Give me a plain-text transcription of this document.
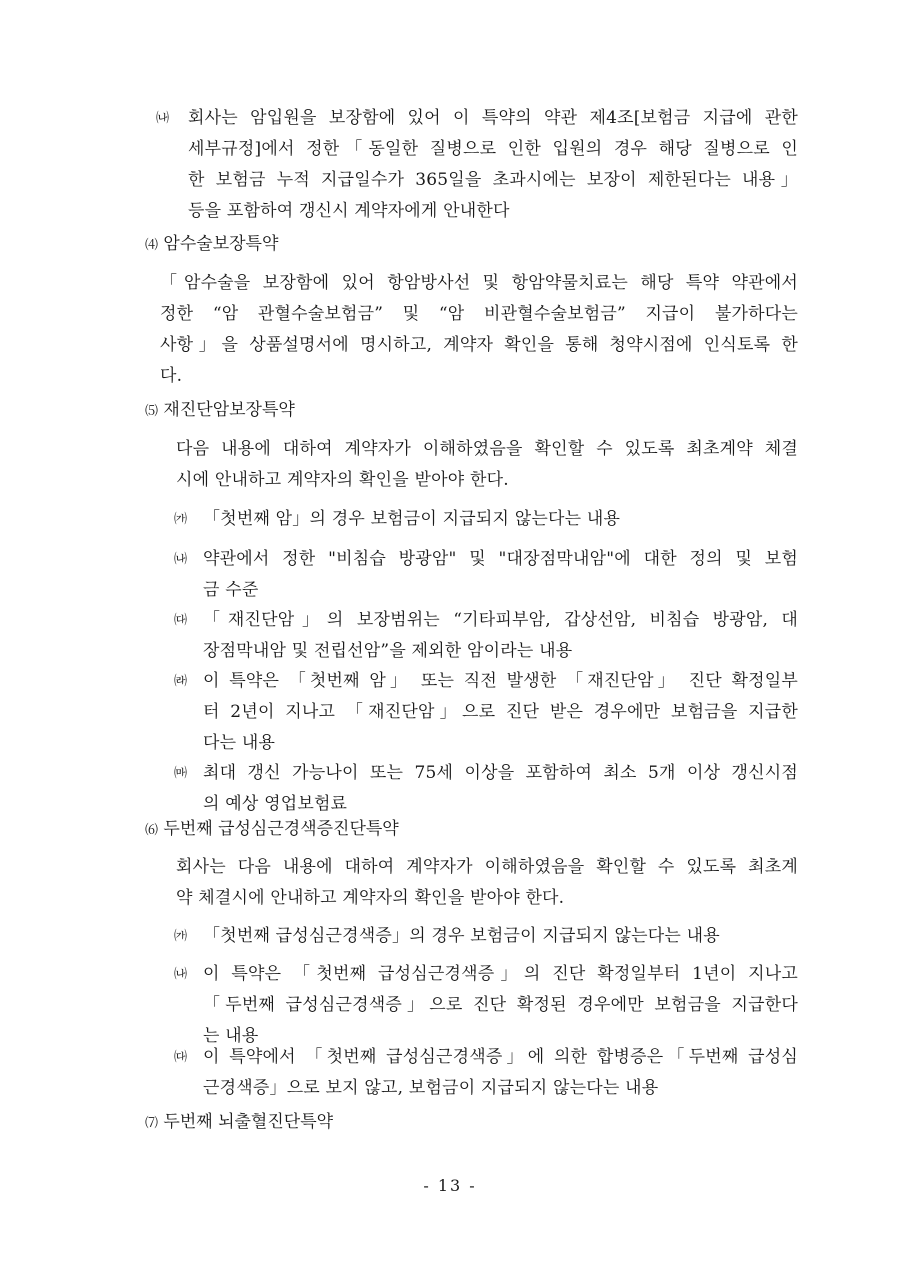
㈏ 회사는 암입원을 보장함에 있어 이 특약의 약관 제4조[보험금 지급에 관한
세부규정]에서 정한「동일한 질병으로 인한 입원의 경우 해당 질병으로 인
한 보험금 누적 지급일수가 365일을 초과시에는 보장이 제한된다는 내용」
등을 포함하여 갱신시 계약자에게 안내한다
⑷ 암수술보장특약
「암수술을 보장함에 있어 항암방사선 및 항암약물치료는 해당 특약 약관에서
정한 “암 관혈수술보험금” 및 “암 비관혈수술보험금” 지급이 불가하다는
사항」을 상품설명서에 명시하고, 계약자 확인을 통해 청약시점에 인식토록 한
다.
⑸ 재진단암보장특약
다음 내용에 대하여 계약자가 이해하였음을 확인할 수 있도록 최초계약 체결
시에 안내하고 계약자의 확인을 받아야 한다.
㈎ 「첫번째 암」의 경우 보험금이 지급되지 않는다는 내용
㈏ 약관에서 정한 "비침습 방광암" 및 "대장점막내암"에 대한 정의 및 보험
금 수준
㈐ 「재진단암」의 보장범위는 “기타피부암, 갑상선암, 비침습 방광암, 대
장점막내암 및 전립선암”을 제외한 암이라는 내용
㈑ 이 특약은 「첫번째 암」 또는 직전 발생한 「재진단암」 진단 확정일부
터 2년이 지나고 「재진단암」으로 진단 받은 경우에만 보험금을 지급한
다는 내용
㈒ 최대 갱신 가능나이 또는 75세 이상을 포함하여 최소 5개 이상 갱신시점
의 예상 영업보험료
⑹ 두번째 급성심근경색증진단특약
회사는 다음 내용에 대하여 계약자가 이해하였음을 확인할 수 있도록 최초계
약 체결시에 안내하고 계약자의 확인을 받아야 한다.
㈎ 「첫번째 급성심근경색증」의 경우 보험금이 지급되지 않는다는 내용
㈏ 이 특약은 「첫번째 급성심근경색증」의 진단 확정일부터 1년이 지나고
「두번째 급성심근경색증」으로 진단 확정된 경우에만 보험금을 지급한다
는 내용
㈐ 이 특약에서 「첫번째 급성심근경색증」에 의한 합병증은「두번째 급성심
근경색증」으로 보지 않고, 보험금이 지급되지 않는다는 내용
⑺ 두번째 뇌출혈진단특약
- 13 -
